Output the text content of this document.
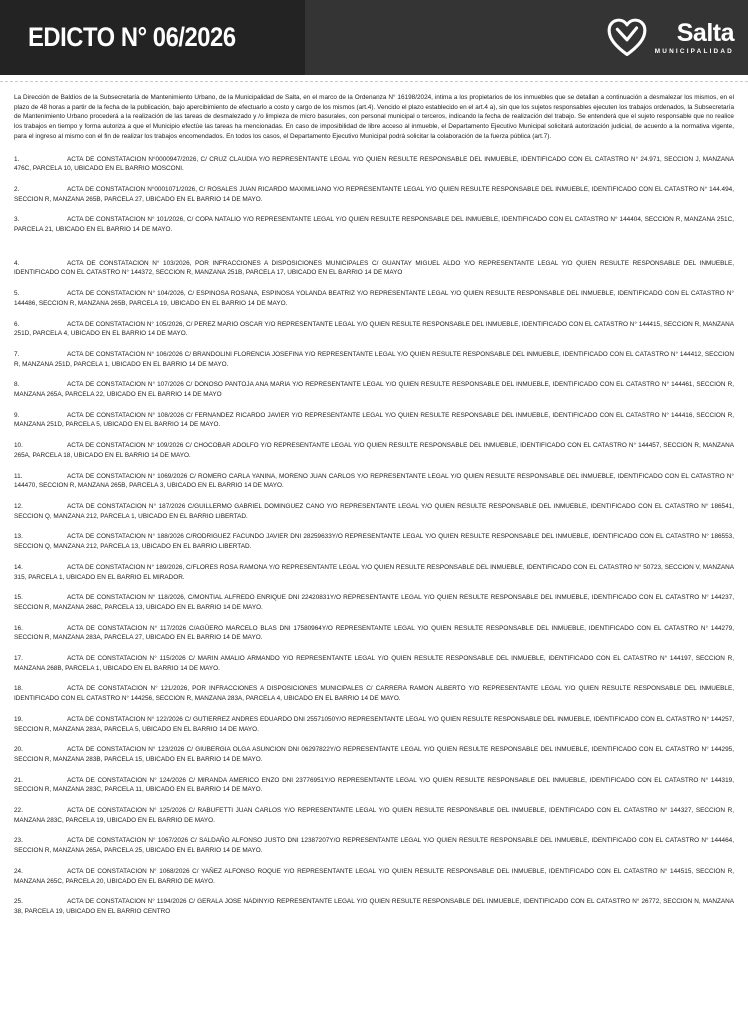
EDICTO N° 06/2026	Salta
MUNICIPALIDAD

La Dirección de Baldíos de la Subsecretaría de Mantenimiento Urbano, de la Municipalidad de Salta, en el marco de la Ordenanza N° 16198/2024, intima a los propietarios de los inmuebles que se detallan a continuación a desmalezar los mismos, en el plazo de 48 horas a partir de la fecha de la publicación, bajo apercibimiento de efectuarlo a costo y cargo de los mismos (art.4). Vencido el plazo establecido en el art.4 a), sin que los sujetos responsables ejecuten los trabajos ordenados, la Subsecretaría de Mantenimiento Urbano procederá a la realización de las tareas de desmalezado y /o limpieza de micro basurales, con personal municipal o terceros, indicando la fecha de realización del trabajo. Se entenderá que el sujeto responsable que no realice los trabajos en tiempo y forma autoriza a que el Municipio efectúe las tareas ha mencionadas. En caso de imposibilidad de libre acceso al inmueble, el Departamento Ejecutivo Municipal solicitará autorización judicial, de acuerdo a la normativa vigente, para el ingreso al mismo con el fin de realizar los trabajos encomendados. En todos los casos, el Departamento Ejecutivo Municipal podrá solicitar la colaboración de la fuerza pública (art.7).

1.	ACTA DE CONSTATACION N°0000947/2026, C/ CRUZ CLAUDIA Y/O REPRESENTANTE LEGAL Y/O QUIEN RESULTE RESPONSABLE DEL INMUEBLE, IDENTIFICADO CON EL CATASTRO N° 24.971, SECCION J, MANZANA 476C, PARCELA 10, UBICADO EN EL BARRIO MOSCONI.

2.	ACTA DE CONSTATACION N°0001071/2026, C/ ROSALES JUAN RICARDO MAXIMILIANO Y/O REPRESENTANTE LEGAL Y/O QUIEN RESULTE RESPONSABLE DEL INMUEBLE, IDENTIFICADO CON EL CATASTRO N° 144.494, SECCION R, MANZANA 265B, PARCELA 27, UBICADO EN EL BARRIO 14 DE MAYO.

3.	ACTA DE CONSTATACION N° 101/2026, C/ COPA NATALIO Y/O REPRESENTANTE LEGAL Y/O QUIEN RESULTE RESPONSABLE DEL INMUEBLE, IDENTIFICADO CON EL CATASTRO N° 144404, SECCION R, MANZANA 251C, PARCELA 21, UBICADO EN EL BARRIO 14 DE MAYO.

4.	ACTA DE CONSTATACION N° 103/2026, POR INFRACCIONES A DISPOSICIONES MUNICIPALES C/ GUANTAY MIGUEL ALDO Y/O REPRESENTANTE LEGAL Y/O QUIEN RESULTE RESPONSABLE DEL INMUEBLE, IDENTIFICADO CON EL CATASTRO N° 144372, SECCION R, MANZANA 251B, PARCELA 17, UBICADO EN EL BARRIO 14 DE MAYO

5.	ACTA DE CONSTATACION N° 104/2026, C/ ESPINOSA ROSANA, ESPINOSA YOLANDA BEATRIZ Y/O REPRESENTANTE LEGAL Y/O QUIEN RESULTE RESPONSABLE DEL INMUEBLE, IDENTIFICADO CON EL CATASTRO N° 144486, SECCION R, MANZANA 265B, PARCELA 19, UBICADO EN EL BARRIO 14 DE MAYO.

6.	ACTA DE CONSTATACION N° 105/2026, C/ PEREZ MARIO OSCAR Y/O REPRESENTANTE LEGAL Y/O QUIEN RESULTE RESPONSABLE DEL INMUEBLE, IDENTIFICADO CON EL CATASTRO N° 144415, SECCION R, MANZANA 251D, PARCELA 4, UBICADO EN EL BARRIO 14 DE MAYO.

7.	ACTA DE CONSTATACION N° 106/2026 C/ BRANDOLINI FLORENCIA JOSEFINA Y/O REPRESENTANTE LEGAL Y/O QUIEN RESULTE RESPONSABLE DEL INMUEBLE, IDENTIFICADO CON EL CATASTRO N° 144412, SECCION R, MANZANA 251D, PARCELA 1, UBICADO EN EL BARRIO 14 DE MAYO.

8.	ACTA DE CONSTATACION N° 107/2026 C/ DONOSO PANTOJA ANA MARIA Y/O REPRESENTANTE LEGAL Y/O QUIEN RESULTE RESPONSABLE DEL INMUEBLE, IDENTIFICADO CON EL CATASTRO N° 144461, SECCION R, MANZANA 265A, PARCELA 22, UBICADO EN EL BARRIO 14 DE MAYO

9.	ACTA DE CONSTATACION N° 108/2026 C/ FERNANDEZ RICARDO JAVIER Y/O REPRESENTANTE LEGAL Y/O QUIEN RESULTE RESPONSABLE DEL INMUEBLE, IDENTIFICADO CON EL CATASTRO N° 144416, SECCION R, MANZANA 251D, PARCELA 5, UBICADO EN EL BARRIO 14 DE MAYO.

10.	ACTA DE CONSTATACION N° 109/2026 C/ CHOCOBAR ADOLFO Y/O REPRESENTANTE LEGAL Y/O QUIEN RESULTE RESPONSABLE DEL INMUEBLE, IDENTIFICADO CON EL CATASTRO N° 144457, SECCION R, MANZANA 265A, PARCELA 18, UBICADO EN EL BARRIO 14 DE MAYO.

11.	ACTA DE CONSTATACION N° 1069/2026 C/ ROMERO CARLA YANINA, MORENO JUAN CARLOS Y/O REPRESENTANTE LEGAL Y/O QUIEN RESULTE RESPONSABLE DEL INMUEBLE, IDENTIFICADO CON EL CATASTRO N° 144470, SECCION R, MANZANA 265B, PARCELA 3, UBICADO EN EL BARRIO 14 DE MAYO.

12.	ACTA DE CONSTATACION N° 187/2026 C/GUILLERMO GABRIEL DOMINGUEZ CANO Y/O REPRESENTANTE LEGAL Y/O QUIEN RESULTE RESPONSABLE DEL INMUEBLE, IDENTIFICADO CON EL CATASTRO N° 186541, SECCION Q, MANZANA 212, PARCELA 1, UBICADO EN EL BARRIO LIBERTAD.

13.	ACTA DE CONSTATACION N° 188/2026 C/RODRIGUEZ FACUNDO JAVIER DNI 28259633Y/O REPRESENTANTE LEGAL Y/O QUIEN RESULTE RESPONSABLE DEL INMUEBLE, IDENTIFICADO CON EL CATASTRO N° 186553, SECCION Q, MANZANA 212, PARCELA 13, UBICADO EN EL BARRIO LIBERTAD.

14.	ACTA DE CONSTATACION N° 189/2026, C/FLORES ROSA RAMONA Y/O REPRESENTANTE LEGAL Y/O QUIEN RESULTE RESPONSABLE DEL INMUEBLE, IDENTIFICADO CON EL CATASTRO N° 50723, SECCION V, MANZANA 315, PARCELA 1, UBICADO EN EL BARRIO EL MIRADOR.

15.	ACTA DE CONSTATACION N° 118/2026, C/MONTIAL ALFREDO ENRIQUE DNI 22420831Y/O REPRESENTANTE LEGAL Y/O QUIEN RESULTE RESPONSABLE DEL INMUEBLE, IDENTIFICADO CON EL CATASTRO N° 144237, SECCION R, MANZANA 268C, PARCELA 13, UBICADO EN EL BARRIO 14 DE MAYO.

16.	ACTA DE CONSTATACION N° 117/2026 C/AGÜERO MARCELO BLAS DNI 17580964Y/O REPRESENTANTE LEGAL Y/O QUIEN RESULTE RESPONSABLE DEL INMUEBLE, IDENTIFICADO CON EL CATASTRO N° 144279, SECCION R, MANZANA 283A, PARCELA 27, UBICADO EN EL BARRIO 14 DE MAYO.

17.	ACTA DE CONSTATACION N° 115/2026 C/ MARIN AMALIO ARMANDO Y/O REPRESENTANTE LEGAL Y/O QUIEN RESULTE RESPONSABLE DEL INMUEBLE, IDENTIFICADO CON EL CATASTRO N° 144197, SECCION R, MANZANA 268B, PARCELA 1, UBICADO EN EL BARRIO 14 DE MAYO.

18.	ACTA DE CONSTATACION N° 121/2026, POR INFRACCIONES A DISPOSICIONES MUNICIPALES C/ CARRERA RAMON ALBERTO Y/O REPRESENTANTE LEGAL Y/O QUIEN RESULTE RESPONSABLE DEL INMUEBLE, IDENTIFICADO CON EL CATASTRO N° 144256, SECCION R, MANZANA 283A, PARCELA 4, UBICADO EN EL BARRIO 14 DE MAYO.

19.	ACTA DE CONSTATACION N° 122/2026 C/ GUTIERREZ ANDRES EDUARDO DNI 25571050Y/O REPRESENTANTE LEGAL Y/O QUIEN RESULTE RESPONSABLE DEL INMUEBLE, IDENTIFICADO CON EL CATASTRO N° 144257, SECCION R, MANZANA 283A, PARCELA 5, UBICADO EN EL BARRIO 14 DE MAYO.

20.	ACTA DE CONSTATACION N° 123/2026 C/ GIUBERGIA OLGA ASUNCION DNI 06297822Y/O REPRESENTANTE LEGAL Y/O QUIEN RESULTE RESPONSABLE DEL INMUEBLE, IDENTIFICADO CON EL CATASTRO N° 144295, SECCION R, MANZANA 283B, PARCELA 15, UBICADO EN EL BARRIO 14 DE MAYO.

21.	ACTA DE CONSTATACION N° 124/2026 C/ MIRANDA AMERICO ENZO DNI 23776951Y/O REPRESENTANTE LEGAL Y/O QUIEN RESULTE RESPONSABLE DEL INMUEBLE, IDENTIFICADO CON EL CATASTRO N° 144319, SECCION R, MANZANA 283C, PARCELA 11, UBICADO EN EL BARRIO 14 DE MAYO.

22.	ACTA DE CONSTATACION N° 125/2026 C/ RABUFETTI JUAN CARLOS Y/O REPRESENTANTE LEGAL Y/O QUIEN RESULTE RESPONSABLE DEL INMUEBLE, IDENTIFICADO CON EL CATASTRO N° 144327, SECCION R, MANZANA 283C, PARCELA 19, UBICADO EN EL BARRIO DE MAYO.

23.	ACTA DE CONSTATACION N° 1067/2026 C/ SALDAÑO ALFONSO JUSTO DNI 12387207Y/O REPRESENTANTE LEGAL Y/O QUIEN RESULTE RESPONSABLE DEL INMUEBLE, IDENTIFICADO CON EL CATASTRO N° 144464, SECCION R, MANZANA 265A, PARCELA 25, UBICADO EN EL BARRIO 14 DE MAYO.

24.	ACTA DE CONSTATACION N° 1068/2026 C/ YAÑEZ ALFONSO ROQUE Y/O REPRESENTANTE LEGAL Y/O QUIEN RESULTE RESPONSABLE DEL INMUEBLE, IDENTIFICADO CON EL CATASTRO N° 144515, SECCION R, MANZANA 265C, PARCELA 20, UBICADO EN EL BARRIO DE MAYO.

25.	ACTA DE CONSTATACION N° 1194/2026 C/ GERALA JOSE NADINY/O REPRESENTANTE LEGAL Y/O QUIEN RESULTE RESPONSABLE DEL INMUEBLE, IDENTIFICADO CON EL CATASTRO N° 26772, SECCION N, MANZANA 38, PARCELA 19, UBICADO EN EL BARRIO CENTRO
